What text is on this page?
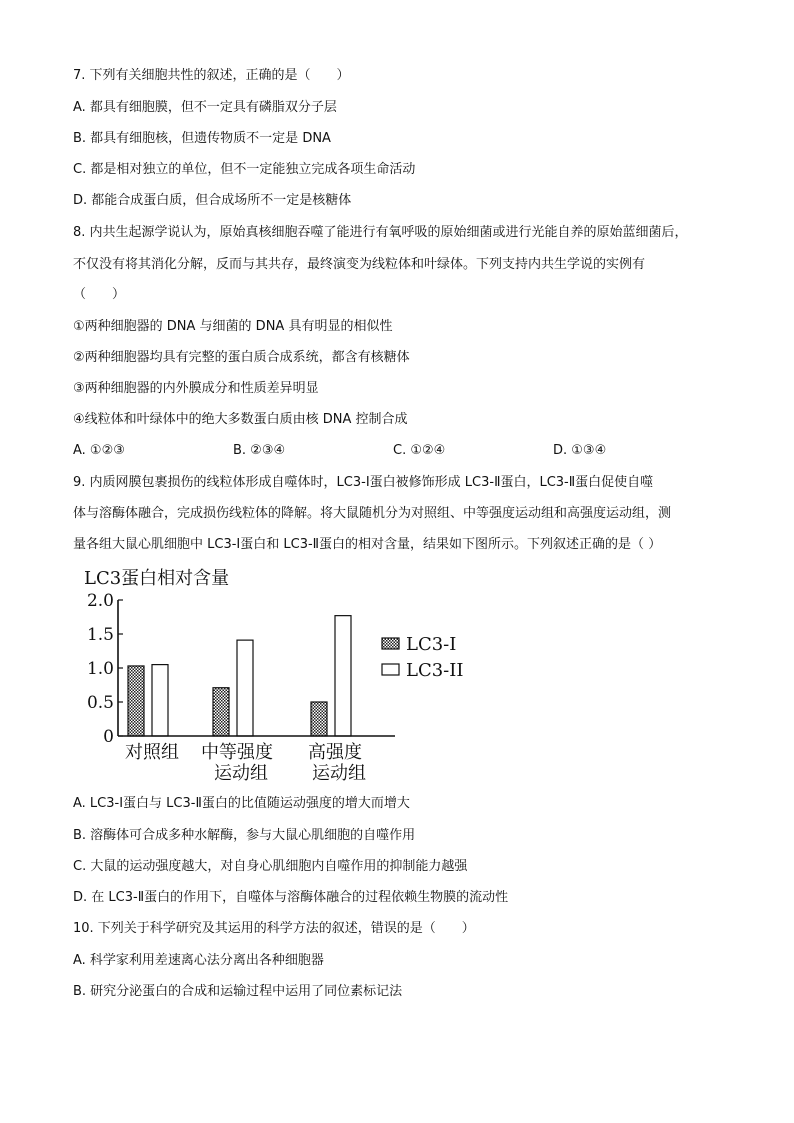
7. 下列有关细胞共性的叙述，正确的是（　　）
A. 都具有细胞膜，但不一定具有磷脂双分子层
B. 都具有细胞核，但遗传物质不一定是 DNA
C. 都是相对独立的单位，但不一定能独立完成各项生命活动
D. 都能合成蛋白质，但合成场所不一定是核糖体
8. 内共生起源学说认为，原始真核细胞吞噬了能进行有氧呼吸的原始细菌或进行光能自养的原始蓝细菌后，
不仅没有将其消化分解，反而与其共存，最终演变为线粒体和叶绿体。下列支持内共生学说的实例有
（　　）
①两种细胞器的 DNA 与细菌的 DNA 具有明显的相似性
②两种细胞器均具有完整的蛋白质合成系统，都含有核糖体
③两种细胞器的内外膜成分和性质差异明显
④线粒体和叶绿体中的绝大多数蛋白质由核 DNA 控制合成
A. ①②③	B. ②③④	C. ①②④	D. ①③④
9. 内质网膜包裹损伤的线粒体形成自噬体时，LC3-Ⅰ蛋白被修饰形成 LC3-Ⅱ蛋白，LC3-Ⅱ蛋白促使自噬
体与溶酶体融合，完成损伤线粒体的降解。将大鼠随机分为对照组、中等强度运动组和高强度运动组，测
量各组大鼠心肌细胞中 LC3-Ⅰ蛋白和 LC3-Ⅱ蛋白的相对含量，结果如下图所示。下列叙述正确的是（ ）
LC3蛋白相对含量
0
0.5
1.0
1.5
2.0
对照组 中等强度
运动组
高强度
运动组
LC3-I
LC3-II
A. LC3-Ⅰ蛋白与 LC3-Ⅱ蛋白的比值随运动强度的增大而增大
B. 溶酶体可合成多种水解酶，参与大鼠心肌细胞的自噬作用
C. 大鼠的运动强度越大，对自身心肌细胞内自噬作用的抑制能力越强
D. 在 LC3-Ⅱ蛋白的作用下，自噬体与溶酶体融合的过程依赖生物膜的流动性
10. 下列关于科学研究及其运用的科学方法的叙述，错误的是（　　）
A. 科学家利用差速离心法分离出各种细胞器
B. 研究分泌蛋白的合成和运输过程中运用了同位素标记法
